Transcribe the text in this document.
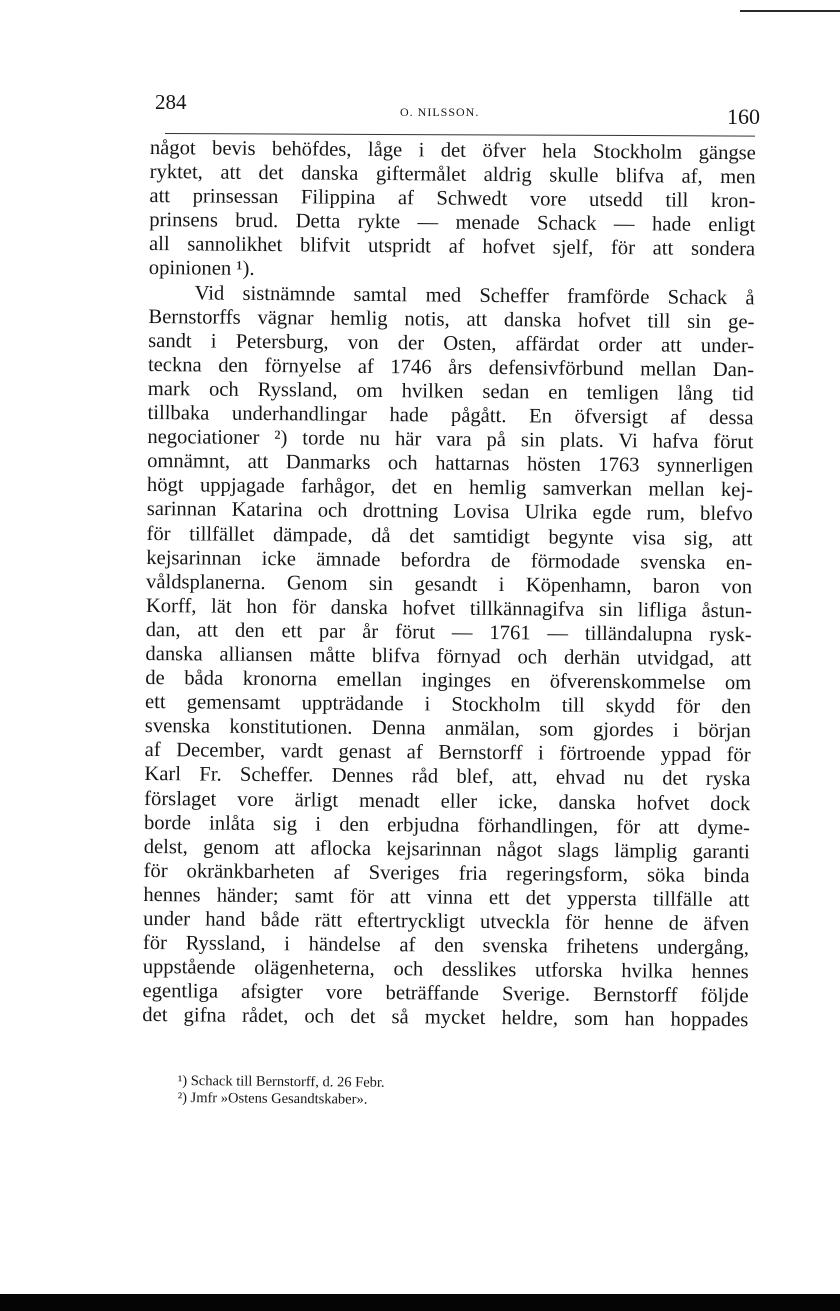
284	O. NILSSON.	160
något bevis behöfdes, låge i det öfver hela Stockholm gängse
ryktet, att det danska giftermålet aldrig skulle blifva af, men
att prinsessan Filippina af Schwedt vore utsedd till kron-
prinsens brud. Detta rykte — menade Schack — hade enligt
all sannolikhet blifvit utspridt af hofvet sjelf, för att sondera
opinionen ¹).
Vid sistnämnde samtal med Scheffer framförde Schack å
Bernstorffs vägnar hemlig notis, att danska hofvet till sin ge-
sandt i Petersburg, von der Osten, affärdat order att under-
teckna den förnyelse af 1746 års defensivförbund mellan Dan-
mark och Ryssland, om hvilken sedan en temligen lång tid
tillbaka underhandlingar hade pågått. En öfversigt af dessa
negociationer ²) torde nu här vara på sin plats. Vi hafva förut
omnämnt, att Danmarks och hattarnas hösten 1763 synnerligen
högt uppjagade farhågor, det en hemlig samverkan mellan kej-
sarinnan Katarina och drottning Lovisa Ulrika egde rum, blefvo
för tillfället dämpade, då det samtidigt begynte visa sig, att
kejsarinnan icke ämnade befordra de förmodade svenska en-
våldsplanerna. Genom sin gesandt i Köpenhamn, baron von
Korff, lät hon för danska hofvet tillkännagifva sin lifliga åstun-
dan, att den ett par år förut — 1761 — tilländalupna rysk-
danska alliansen måtte blifva förnyad och derhän utvidgad, att
de båda kronorna emellan inginges en öfverenskommelse om
ett gemensamt uppträdande i Stockholm till skydd för den
svenska konstitutionen. Denna anmälan, som gjordes i början
af December, vardt genast af Bernstorff i förtroende yppad för
Karl Fr. Scheffer. Dennes råd blef, att, ehvad nu det ryska
förslaget vore ärligt menadt eller icke, danska hofvet dock
borde inlåta sig i den erbjudna förhandlingen, för att dyme-
delst, genom att aflocka kejsarinnan något slags lämplig garanti
för okränkbarheten af Sveriges fria regeringsform, söka binda
hennes händer; samt för att vinna ett det yppersta tillfälle att
under hand både rätt eftertryckligt utveckla för henne de äfven
för Ryssland, i händelse af den svenska frihetens undergång,
uppstående olägenheterna, och desslikes utforska hvilka hennes
egentliga afsigter vore beträffande Sverige. Bernstorff följde
det gifna rådet, och det så mycket heldre, som han hoppades
¹) Schack till Bernstorff, d. 26 Febr.
²) Jmfr »Ostens Gesandtskaber».
